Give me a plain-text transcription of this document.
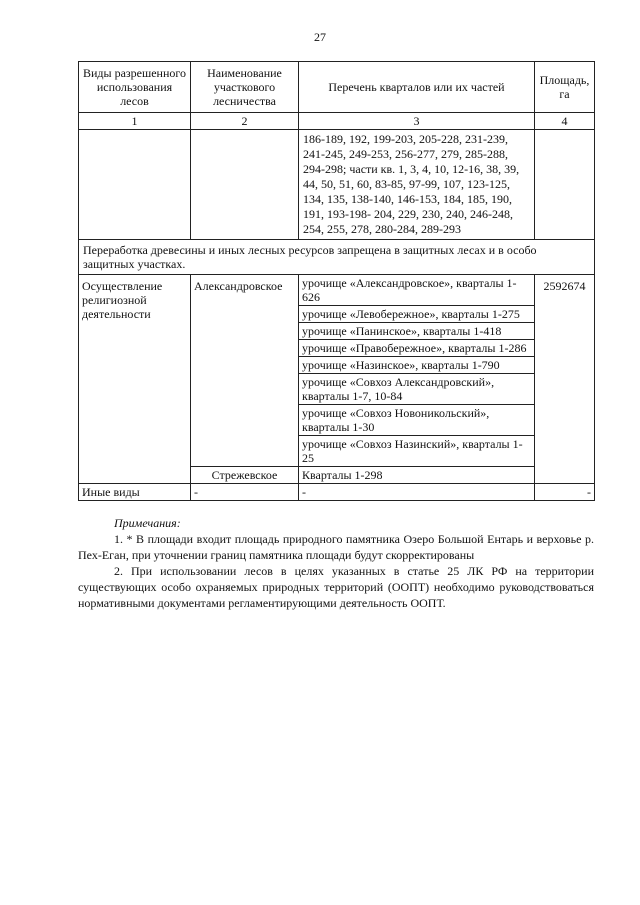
27
Виды разрешенного использования лесов	Наименование участкового лесничества	Перечень кварталов или их частей	Площадь, га
1	2	3	4
		186-189, 192, 199-203, 205-228, 231-239, 241-245, 249-253, 256-277, 279, 285-288, 294-298; части кв. 1, 3, 4, 10, 12-16, 38, 39, 44, 50, 51, 60, 83-85, 97-99, 107, 123-125, 134, 135, 138-140, 146-153, 184, 185, 190, 191, 193-198- 204, 229, 230, 240, 246-248, 254, 255, 278, 280-284, 289-293	
Переработка древесины и иных лесных ресурсов запрещена в защитных лесах и в особо защитных участках.			
Осуществление религиозной деятельности	Александровское	урочище «Александровское», кварталы 1-626	2592674
		урочище «Левобережное», кварталы 1-275	
		урочище «Панинское», кварталы 1-418	
		урочище «Правобережное», кварталы 1-286	
		урочище «Назинское», кварталы 1-790	
		урочище «Совхоз Александровский», кварталы 1-7, 10-84	
		урочище «Совхоз Новоникольский», кварталы 1-30	
		урочище «Совхоз Назинский», кварталы 1-25	
	Стрежевское	Кварталы 1-298	
Иные виды	-	-	-
Примечания:

1. * В площади входит площадь природного памятника Озеро Большой Ентарь и верховье р. Пех-Еган, при уточнении границ памятника площади будут скорректированы

2. При использовании лесов в целях указанных в статье 25 ЛК РФ на территории существующих особо охраняемых природных территорий (ООПТ) необходимо руководствоваться нормативными документами регламентирующими деятельность ООПТ.
